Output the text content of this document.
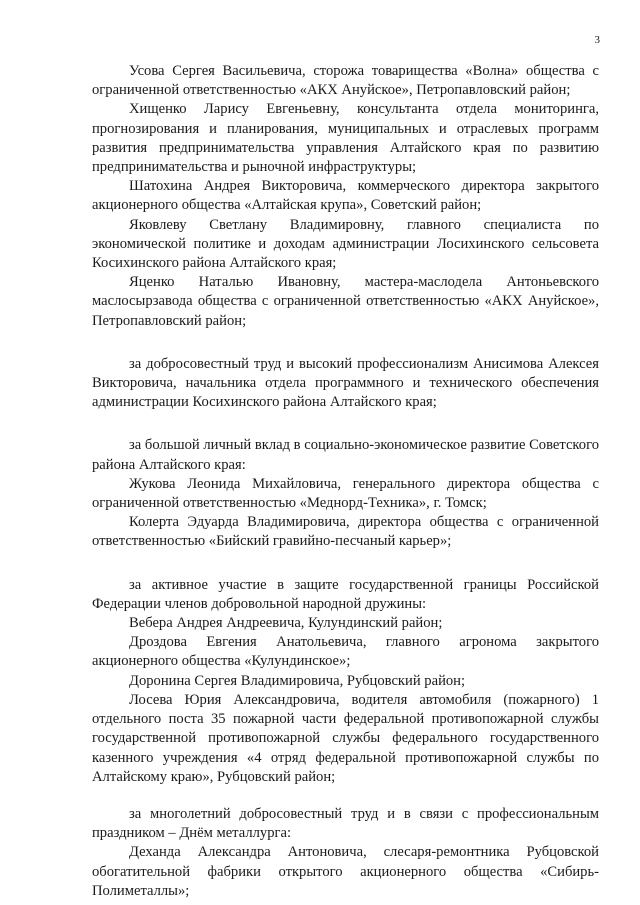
3

Усова Сергея Васильевича, сторожа товарищества «Волна» общества с ограниченной ответственностью «АКХ Ануйское», Петропавловский район;

Хищенко Ларису Евгеньевну, консультанта отдела мониторинга, прогнозирования и планирования, муниципальных и отраслевых программ развития предпринимательства управления Алтайского края по развитию предпринимательства и рыночной инфраструктуры;

Шатохина Андрея Викторовича, коммерческого директора закрытого акционерного общества «Алтайская крупа», Советский район;

Яковлеву Светлану Владимировну, главного специалиста по экономической политике и доходам администрации Лосихинского сельсовета Косихинского района Алтайского края;

Яценко Наталью Ивановну, мастера-маслодела Антоньевского маслосырзавода общества с ограниченной ответственностью «АКХ Ануйское», Петропавловский район;

за добросовестный труд и высокий профессионализм Анисимова Алексея Викторовича, начальника отдела программного и технического обеспечения администрации Косихинского района Алтайского края;

за большой личный вклад в социально-экономическое развитие Советского района Алтайского края:

Жукова Леонида Михайловича, генерального директора общества с ограниченной ответственностью «Меднорд-Техника», г. Томск;

Колерта Эдуарда Владимировича, директора общества с ограниченной ответственностью «Бийский гравийно-песчаный карьер»;

за активное участие в защите государственной границы Российской Федерации членов добровольной народной дружины:

Вебера Андрея Андреевича, Кулундинский район;

Дроздова Евгения Анатольевича, главного агронома закрытого акционерного общества «Кулундинское»;

Доронина Сергея Владимировича, Рубцовский район;

Лосева Юрия Александровича, водителя автомобиля (пожарного) 1 отдельного поста 35 пожарной части федеральной противопожарной службы государственной противопожарной службы федерального государственного казенного учреждения «4 отряд федеральной противопожарной службы по Алтайскому краю», Рубцовский район;

за многолетний добросовестный труд и в связи с профессиональным праздником – Днём металлурга:

Деханда Александра Антоновича, слесаря-ремонтника Рубцовской обогатительной фабрики открытого акционерного общества «Сибирь-Полиметаллы»;
